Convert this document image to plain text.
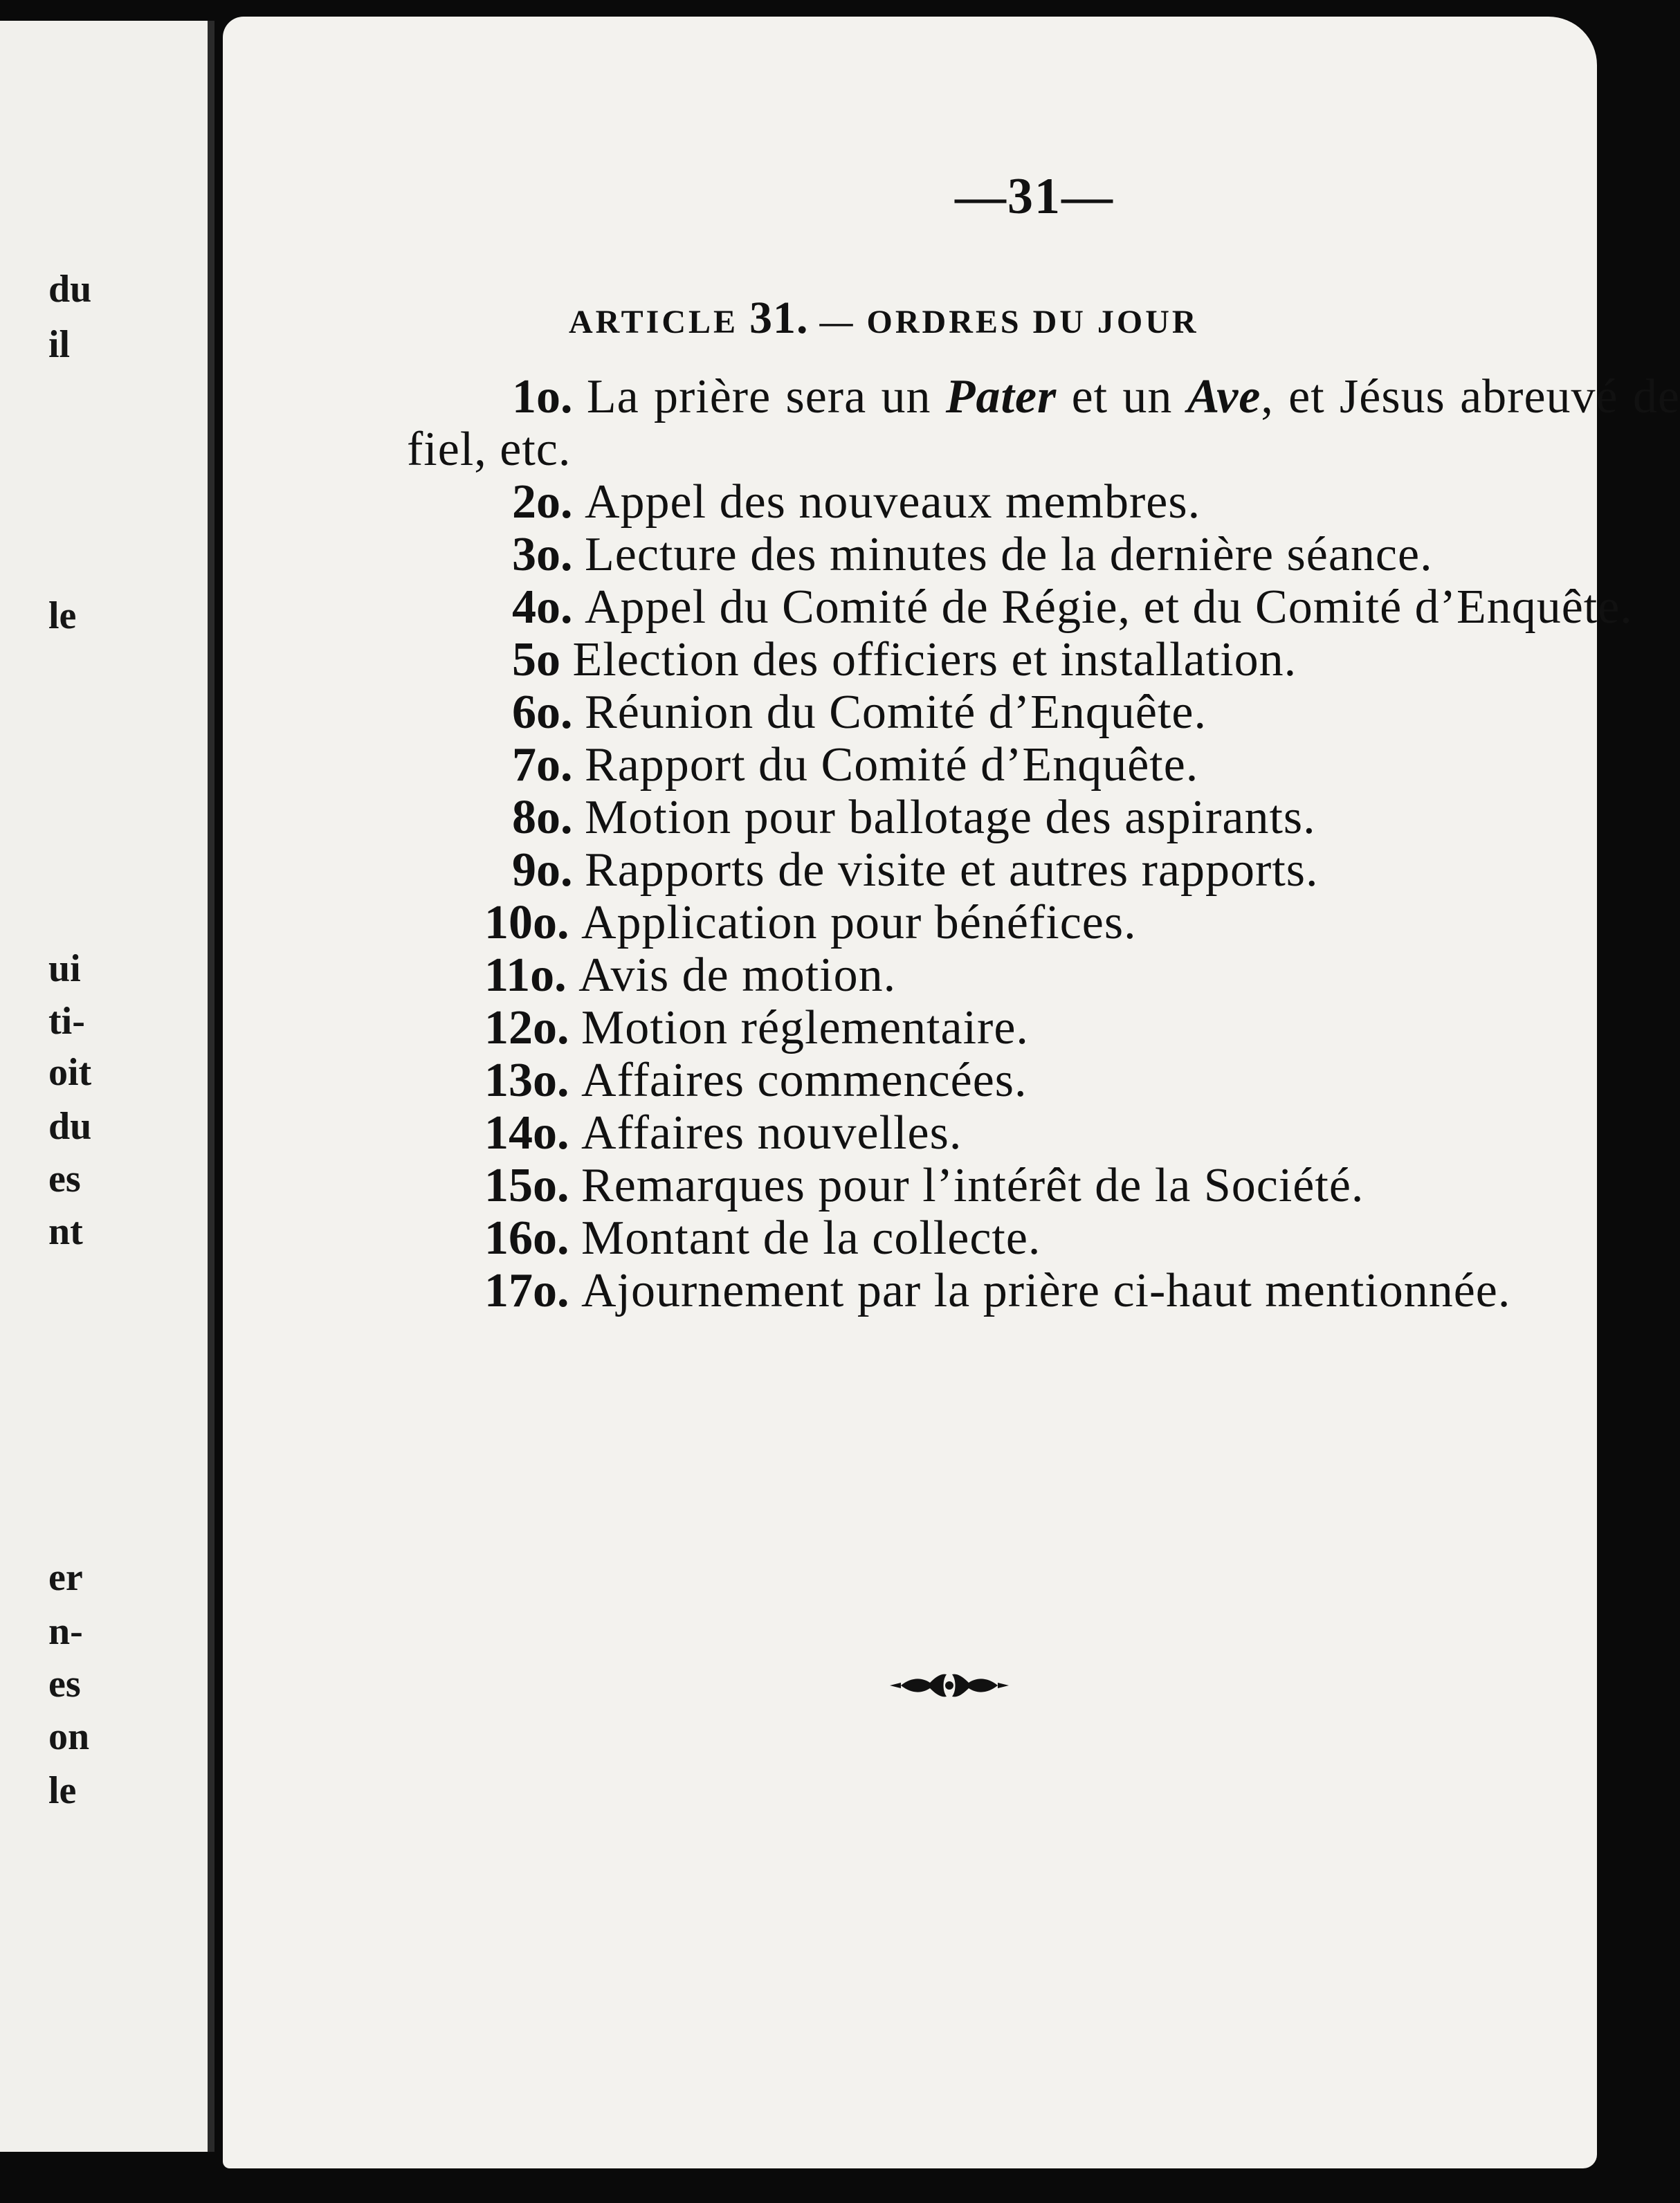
du
il
le
ui
ti-
oit
du
es
nt
er
n-
es
on
le
—31—
ARTICLE 31. — ORDRES DU JOUR
1o. La prière sera un Pater et un Ave, et Jésus abreuvé de fiel, etc.
2o. Appel des nouveaux membres.
3o. Lecture des minutes de la dernière séance.
4o. Appel du Comité de Régie, et du Comité d’Enquête.
5o Election des officiers et installation.
6o. Réunion du Comité d’Enquête.
7o. Rapport du Comité d’Enquête.
8o. Motion pour ballotage des aspirants.
9o. Rapports de visite et autres rapports.
10o. Application pour bénéfices.
11o. Avis de motion.
12o. Motion réglementaire.
13o. Affaires commencées.
14o. Affaires nouvelles.
15o. Remarques pour l’intérêt de la Société.
16o. Montant de la collecte.
17o. Ajournement par la prière ci-haut mentionnée.
